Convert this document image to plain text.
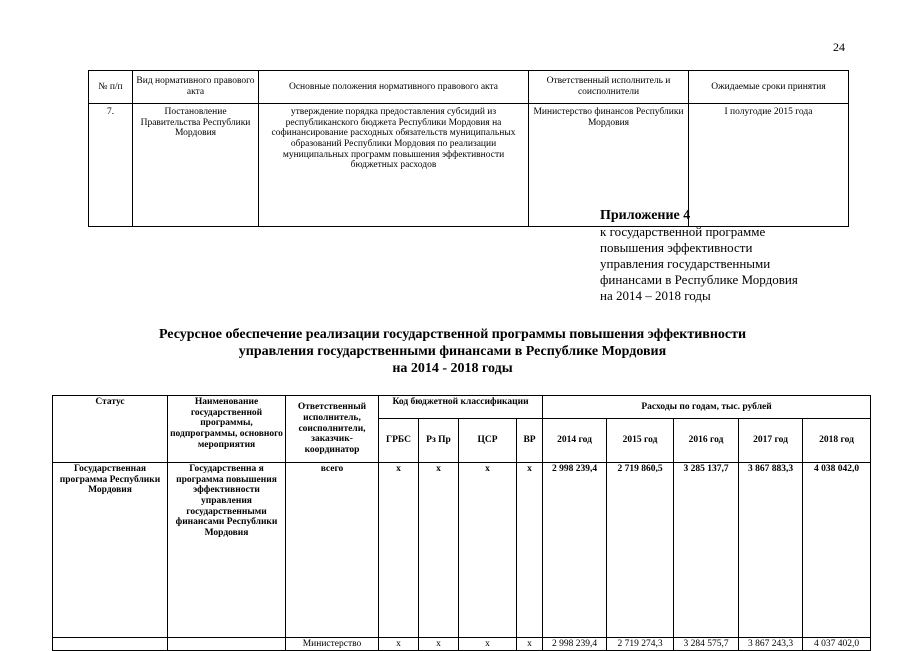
24
№ п/п	Вид нормативного правового акта	Основные положения нормативного правового акта	Ответственный исполнитель и соисполнители	Ожидаемые сроки принятия
7.	Постановление Правительства Республики Мордовия	утверждение порядка предоставления субсидий из республиканского бюджета Республики Мордовия на софинансирование расходных обязательств муниципальных образований Республики Мордовия по реализации муниципальных программ повышения эффективности бюджетных расходов	Министерство финансов Республики Мордовия	I полугодие 2015 года
Приложение 4
к государственной программе
повышения эффективности
управления государственными
финансами в Республике Мордовия
на 2014 – 2018 годы
Ресурсное обеспечение реализации государственной программы повышения эффективности
управления государственными финансами в Республике Мордовия
на 2014 - 2018 годы
Статус	Наименование государственной программы, подпрограммы, основного мероприятия	Ответственный исполнитель, соисполнители, заказчик-координатор	Код бюджетной классификации				Расходы по годам, тыс. рублей				
			ГРБС	Рз Пр	ЦСР	ВР	2014 год	2015 год	2016 год	2017 год	2018 год
Государственная программа Республики Мордовия	Государственна я программа повышения эффективности управления государственными финансами Республики Мордовия	всего	х	х	х	х	2 998 239,4	2 719 860,5	3 285 137,7	3 867 883,3	4 038 042,0
		Министерство	х	х	х	х	2 998 239,4	2 719 274,3	3 284 575,7	3 867 243,3	4 037 402,0
